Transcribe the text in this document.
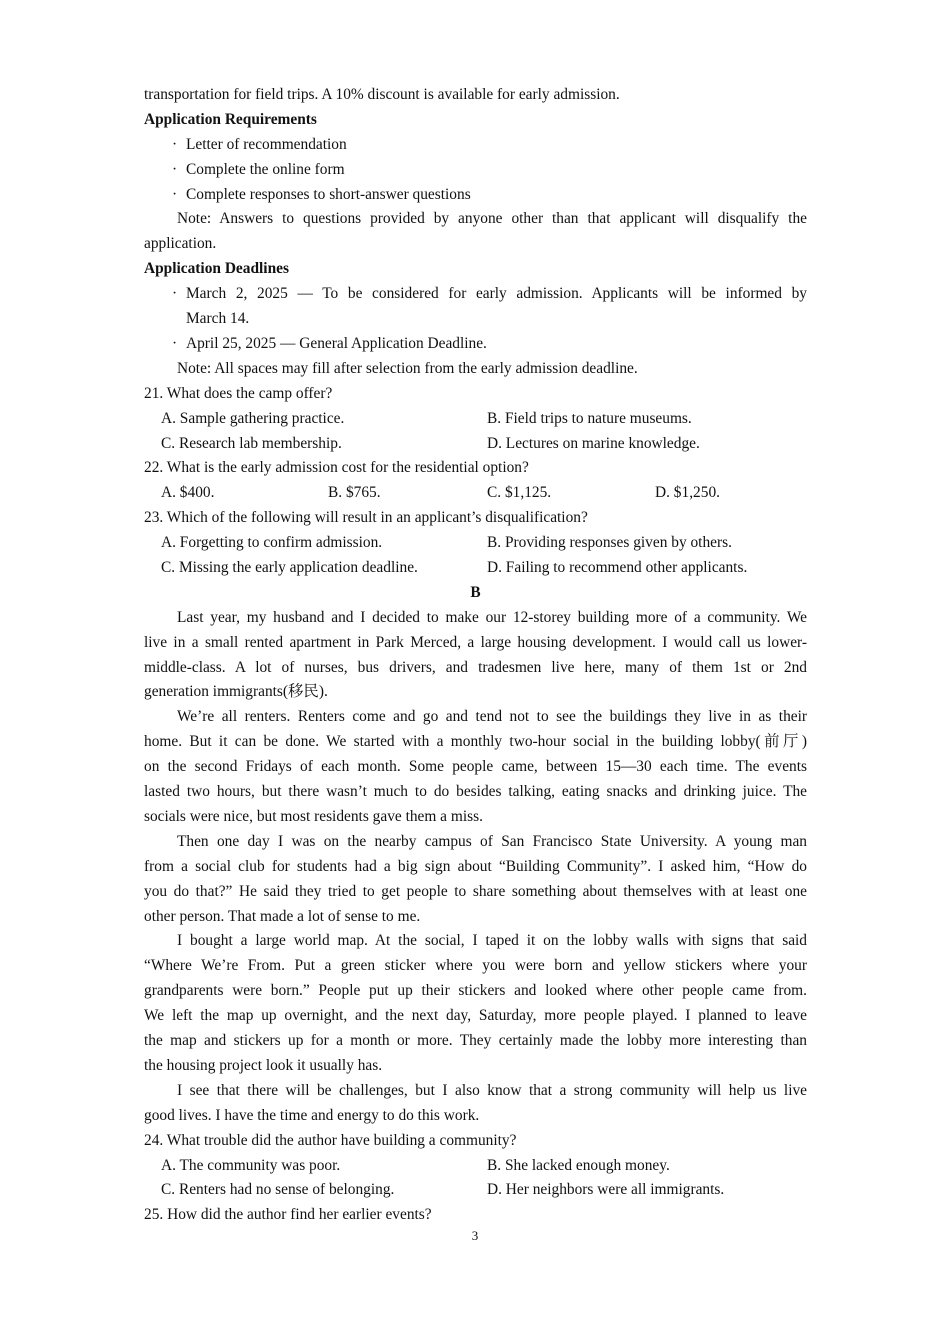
transportation for field trips. A 10% discount is available for early admission.
Application Requirements
· Letter of recommendation
· Complete the online form
· Complete responses to short-answer questions
Note: Answers to questions provided by anyone other than that applicant will disqualify the
application.
Application Deadlines
· March 2, 2025 — To be considered for early admission. Applicants will be informed by
March 14.
· April 25, 2025 — General Application Deadline.
Note: All spaces may fill after selection from the early admission deadline.
21. What does the camp offer?
A. Sample gathering practice.	B. Field trips to nature museums.
C. Research lab membership.	D. Lectures on marine knowledge.
22. What is the early admission cost for the residential option?
A. $400.	B. $765.	C. $1,125.	D. $1,250.
23. Which of the following will result in an applicant’s disqualification?
A. Forgetting to confirm admission.	B. Providing responses given by others.
C. Missing the early application deadline.	D. Failing to recommend other applicants.
B
Last year, my husband and I decided to make our 12-storey building more of a community. We
live in a small rented apartment in Park Merced, a large housing development. I would call us lower-
middle-class. A lot of nurses, bus drivers, and tradesmen live here, many of them 1st or 2nd
generation immigrants(移民).
We’re all renters. Renters come and go and tend not to see the buildings they live in as their
home. But it can be done. We started with a monthly two-hour social in the building lobby(前厅)
on the second Fridays of each month. Some people came, between 15—30 each time. The events
lasted two hours, but there wasn’t much to do besides talking, eating snacks and drinking juice. The
socials were nice, but most residents gave them a miss.
Then one day I was on the nearby campus of San Francisco State University. A young man
from a social club for students had a big sign about “Building Community”. I asked him, “How do
you do that?” He said they tried to get people to share something about themselves with at least one
other person. That made a lot of sense to me.
I bought a large world map. At the social, I taped it on the lobby walls with signs that said
“Where We’re From. Put a green sticker where you were born and yellow stickers where your
grandparents were born.” People put up their stickers and looked where other people came from.
We left the map up overnight, and the next day, Saturday, more people played. I planned to leave
the map and stickers up for a month or more. They certainly made the lobby more interesting than
the housing project look it usually has.
I see that there will be challenges, but I also know that a strong community will help us live
good lives. I have the time and energy to do this work.
24. What trouble did the author have building a community?
A. The community was poor.	B. She lacked enough money.
C. Renters had no sense of belonging.	D. Her neighbors were all immigrants.
25. How did the author find her earlier events?
3
